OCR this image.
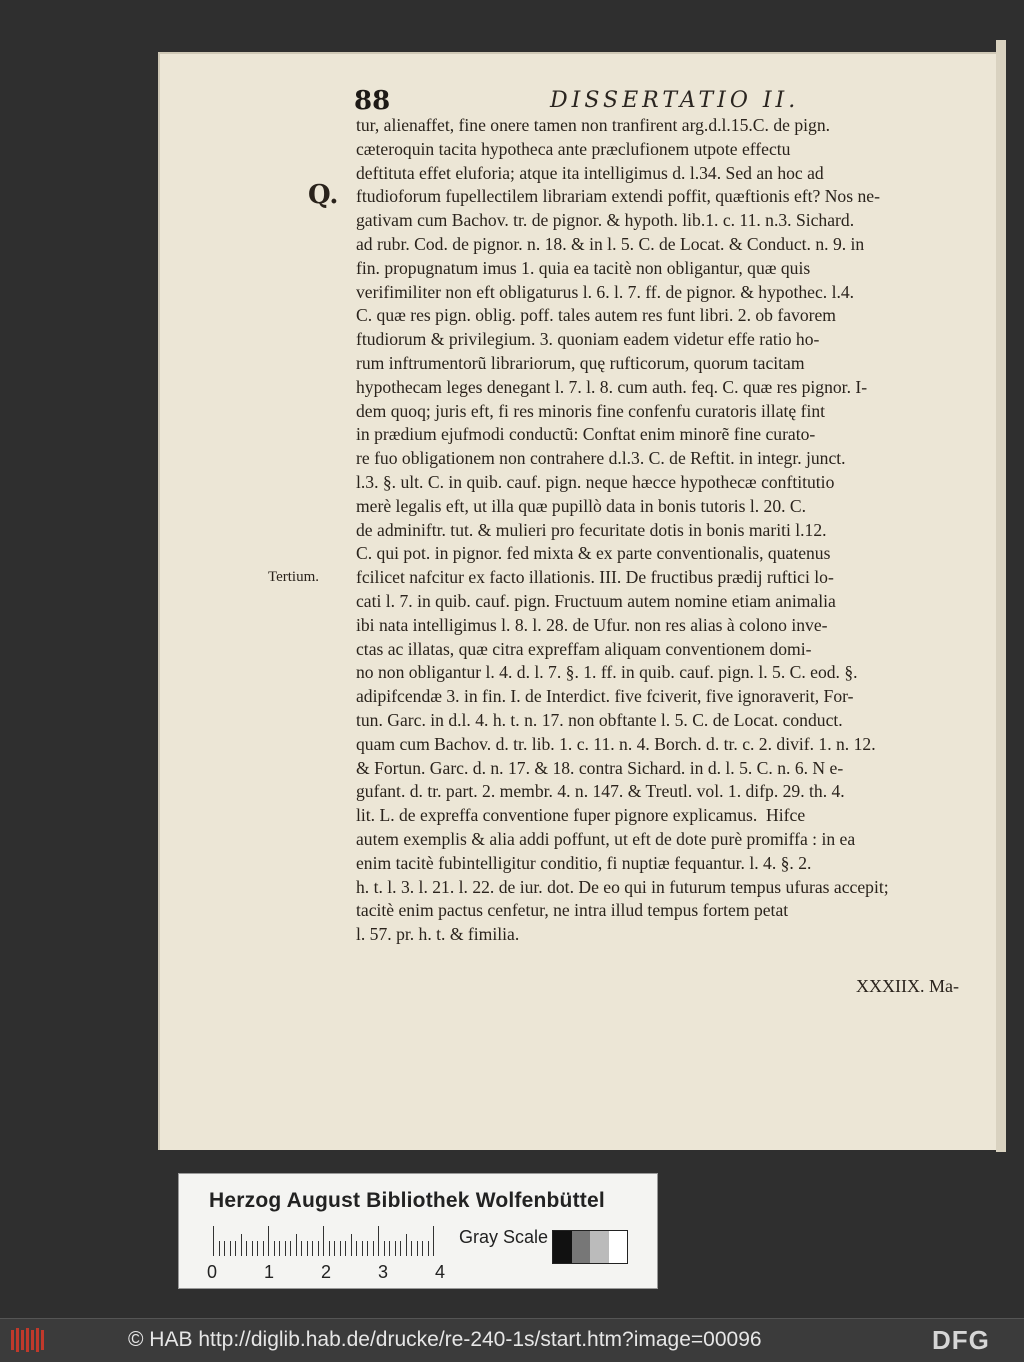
88	DISSERTATIO II.
Q.
Tertium.

tur, alienaffet, fine onere tamen non tranfirent arg.d.l.15.C. de pign.

cæteroquin tacita hypotheca ante præclufionem utpote effectu

deftituta effet elufοria; atque ita intelligimus d. l.34. Sed an hoc ad

ftudiofοrum fupellectilem librariam extendi poffit, quæftionis eft? Nos ne-

gativam cum Bachov. tr. de pignor. & hypoth. lib.1. c. 11. n.3. Sichard.

ad rubr. Cod. de pignor. n. 18. & in l. 5. C. de Locat. & Conduct. n. 9. in

fin. propugnatum imus 1. quia ea tacitè non obligantur, quæ quis

verifimiliter non eft obligaturus l. 6. l. 7. ff. de pignor. & hypothec. l.4.

C. quæ res pign. oblig. poff. tales autem res funt libri. 2. ob favorem

ftudiorum & privilegium. 3. quoniam eadem videtur effe ratio ho-

rum inftrumentorũ librariorum, quę rufticorum, quorum tacitam

hypothecam leges denegant l. 7. l. 8. cum auth. feq. C. quæ res pignor. I-

dem quoq; juris eft, fi res minoris fine confenfu curatoris illatę fint

in prædium ejufmodi conductũ: Conftat enim minorẽ fine curato-

re fuo obligationem non contrahere d.l.3. C. de Reftit. in integr. junct.

l.3. §. ult. C. in quib. cauf. pign. neque hæcce hypothecæ conftitutio

merè legalis eft, ut illa quæ pupillò data in bonis tutoris l. 20. C.

de adminiftr. tut. & mulieri pro fecuritate dotis in bonis mariti l.12.

C. qui pot. in pignor. fed mixta & ex parte conventionalis, quatenus

fcilicet nafcitur ex facto illationis. III. De fructibus prædij ruftici lo-

cati l. 7. in quib. cauf. pign. Fructuum autem nomine etiam animalia

ibi nata intelligimus l. 8. l. 28. de Ufur. non res alias à colono inve-

ctas ac illatas, quæ citra expreffam aliquam conventionem domi-

no non obligantur l. 4. d. l. 7. §. 1. ff. in quib. cauf. pign. l. 5. C. eod. §.

adipifcendæ 3. in fin. I. de Interdict. five fciverit, five ignoraverit, For-

tun. Garc. in d.l. 4. h. t. n. 17. non obftante l. 5. C. de Locat. conduct.

quam cum Bachov. d. tr. lib. 1. c. 11. n. 4. Borch. d. tr. c. 2. divif. 1. n. 12.

& Fortun. Garc. d. n. 17. & 18. contra Sichard. in d. l. 5. C. n. 6. N e-

gufant. d. tr. part. 2. membr. 4. n. 147. & Treutl. vol. 1. difp. 29. th. 4.

lit. L. de expreffa conventione fuper pignore explicamus.  Hifce

autem exemplis & alia addi poffunt, ut eft de dote purè promiffa : in ea

enim tacitè fubintelligitur conditio, fi nuptiæ fequantur. l. 4. §. 2.

h. t. l. 3. l. 21. l. 22. de iur. dot. De eo qui in futurum tempus ufuras accepit;

tacitè enim pactus cenfetur, ne intra illud tempus fortem petat

l. 57. pr. h. t. & fimilia.

XXXIIX. Ma-
Herzog August Bibliothek Wolfenbüttel
0	1	2	3	4
Gray Scale
© HAB http://diglib.hab.de/drucke/re-240-1s/start.htm?image=00096	DFG
